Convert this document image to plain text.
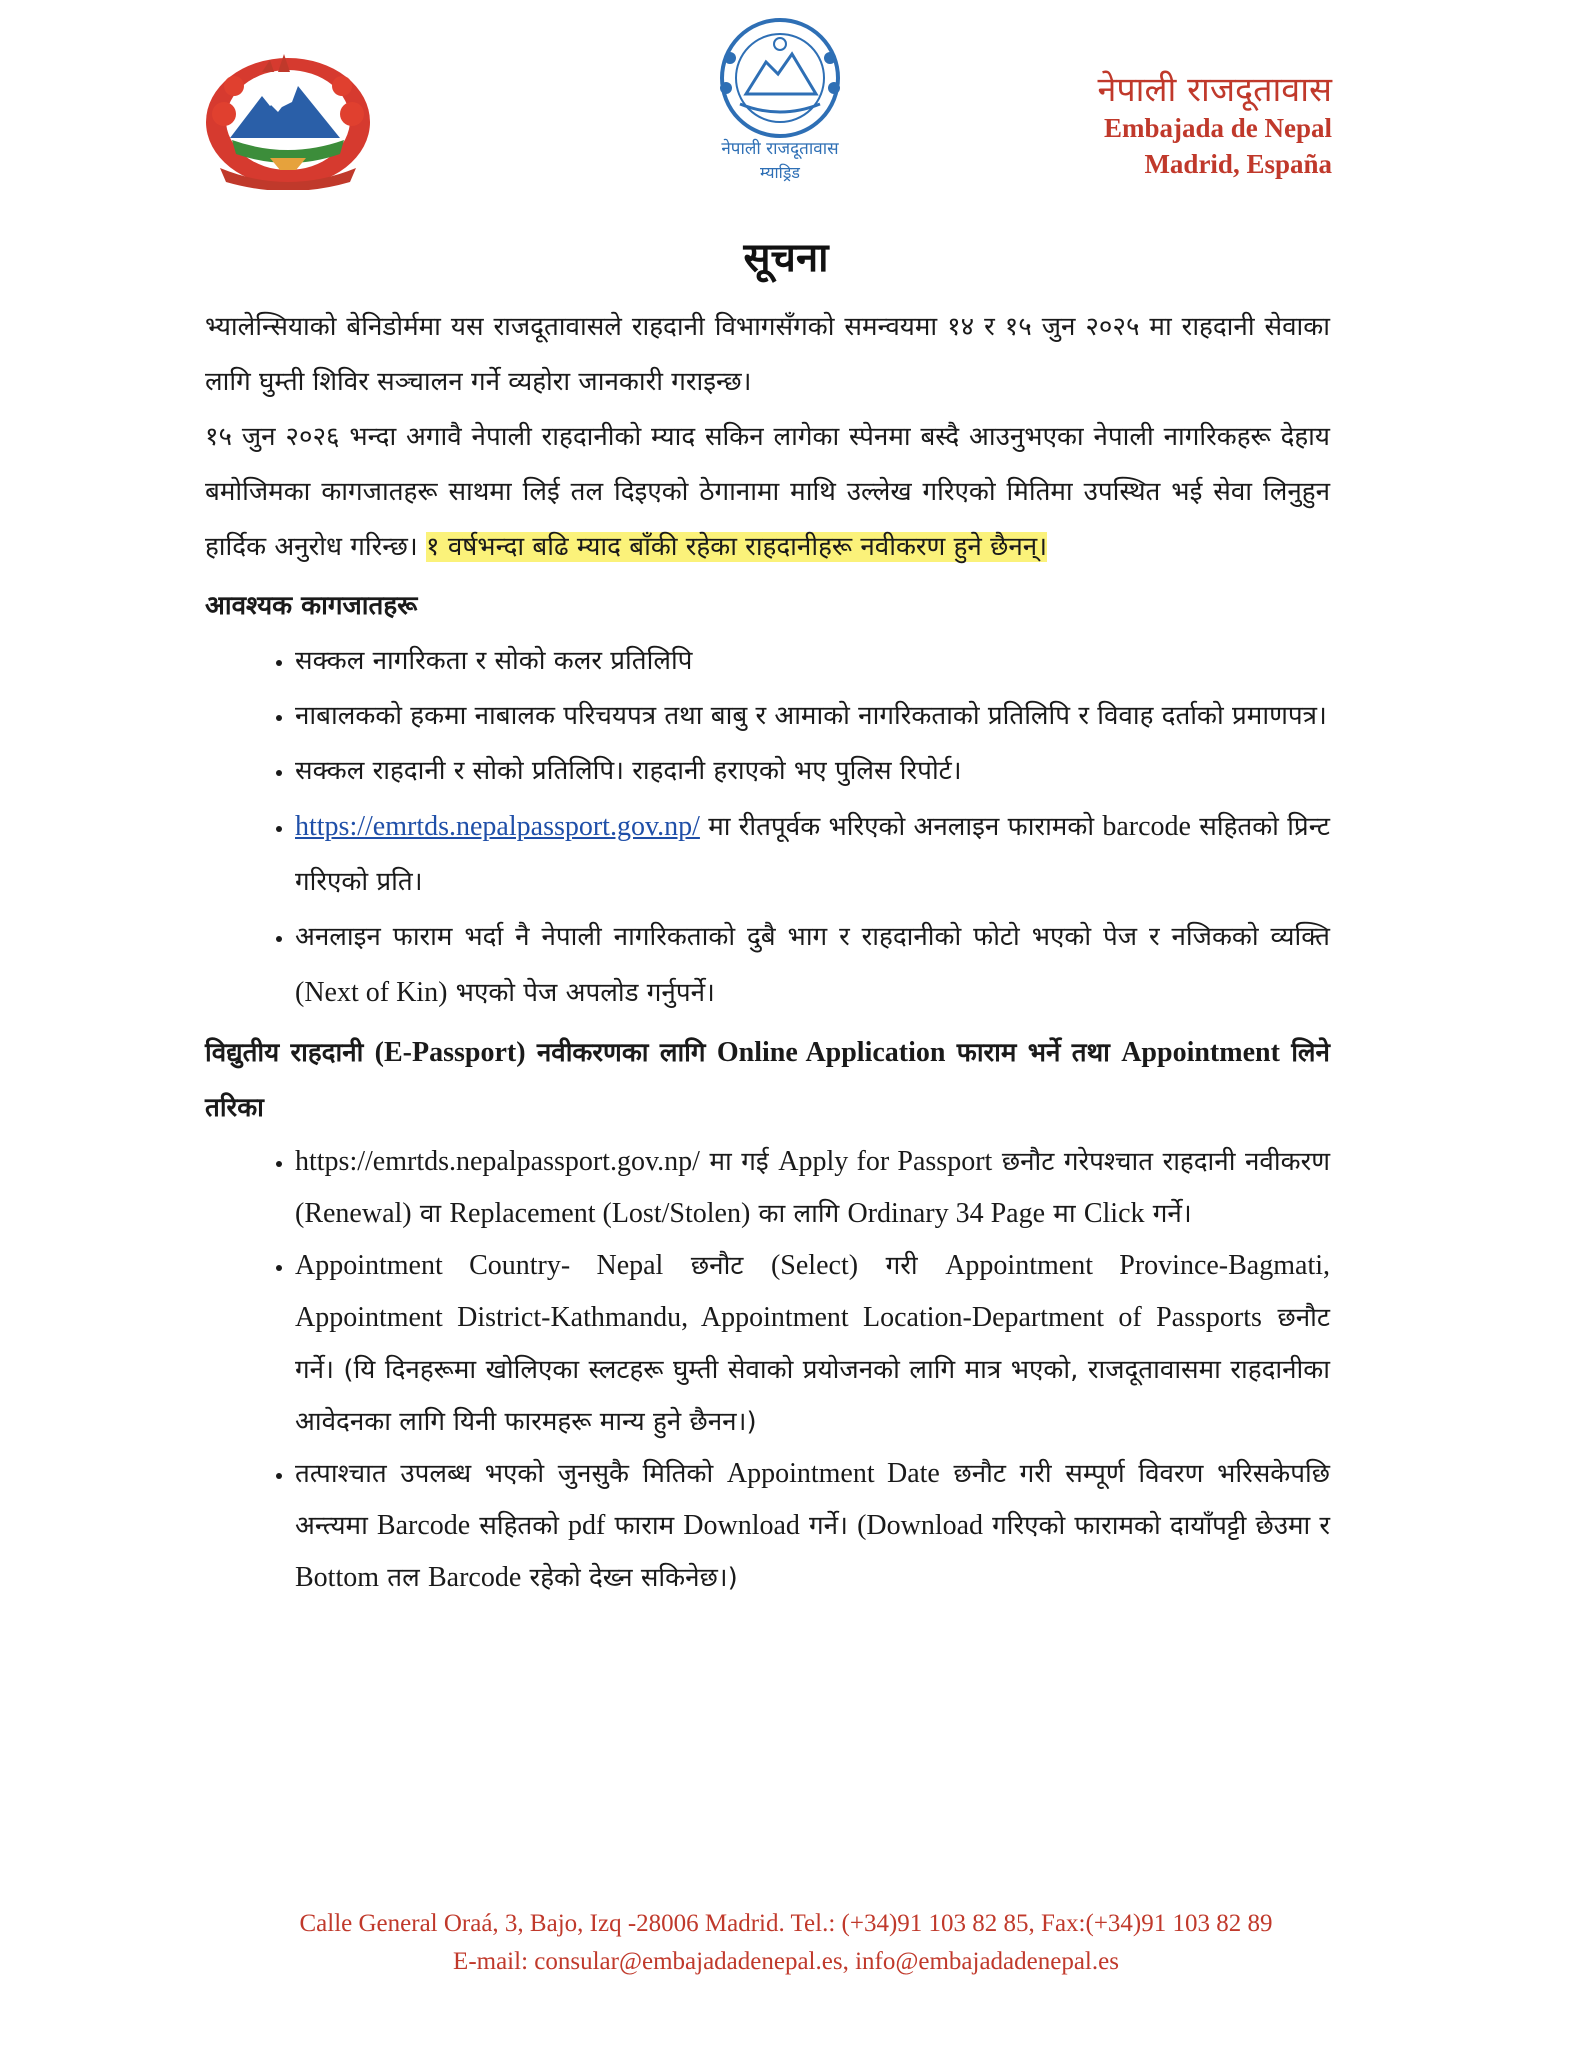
नेपाली राजदूतावास
म्याड्रिड
नेपाली राजदूतावास
Embajada de Nepal
Madrid, España
सूचना

भ्यालेन्सियाको बेनिडोर्ममा यस राजदूतावासले राहदानी विभागसँगको समन्वयमा १४ र १५ जुन २०२५ मा राहदानी सेवाका लागि घुम्ती शिविर सञ्चालन गर्ने व्यहोरा जानकारी गराइन्छ।

१५ जुन २०२६ भन्दा अगावै नेपाली राहदानीको म्याद सकिन लागेका स्पेनमा बस्दै आउनुभएका नेपाली नागरिकहरू देहाय बमोजिमका कागजातहरू साथमा लिई तल दिइएको ठेगानामा माथि उल्लेख गरिएको मितिमा उपस्थित भई सेवा लिनुहुन हार्दिक अनुरोध गरिन्छ। १ वर्षभन्दा बढि म्याद बाँकी रहेका राहदानीहरू नवीकरण हुने छैनन्।

आवश्यक कागजातहरू

• सक्कल नागरिकता र सोको कलर प्रतिलिपि
• नाबालकको हकमा नाबालक परिचयपत्र तथा बाबु र आमाको नागरिकताको प्रतिलिपि र विवाह दर्ताको प्रमाणपत्र।
• सक्कल राहदानी र सोको प्रतिलिपि। राहदानी हराएको भए पुलिस रिपोर्ट।
• https://emrtds.nepalpassport.gov.np/ मा रीतपूर्वक भरिएको अनलाइन फारामको barcode सहितको प्रिन्ट गरिएको प्रति।
• अनलाइन फाराम भर्दा नै नेपाली नागरिकताको दुबै भाग र राहदानीको फोटो भएको पेज र नजिकको व्यक्ति (Next of Kin) भएको पेज अपलोड गर्नुपर्ने।

विद्युतीय राहदानी (E-Passport) नवीकरणका लागि Online Application फाराम भर्ने तथा Appointment लिने तरिका

• https://emrtds.nepalpassport.gov.np/ मा गई Apply for Passport छनौट गरेपश्चात राहदानी नवीकरण (Renewal) वा Replacement (Lost/Stolen) का लागि Ordinary 34 Page मा Click गर्ने।
• Appointment Country- Nepal छनौट (Select) गरी Appointment Province-Bagmati, Appointment District-Kathmandu, Appointment Location-Department of Passports छनौट गर्ने। (यि दिनहरूमा खोलिएका स्लटहरू घुम्ती सेवाको प्रयोजनको लागि मात्र भएको, राजदूतावासमा राहदानीका आवेदनका लागि यिनी फारमहरू मान्य हुने छैनन।)
• तत्पाश्चात उपलब्ध भएको जुनसुकै मितिको Appointment Date छनौट गरी सम्पूर्ण विवरण भरिसकेपछि अन्त्यमा Barcode सहितको pdf फाराम Download गर्ने। (Download गरिएको फारामको दायाँपट्टी छेउमा र Bottom तल Barcode रहेको देख्न सकिनेछ।)
Calle General Oraá, 3, Bajo, Izq -28006 Madrid. Tel.: (+34)91 103 82 85, Fax:(+34)91 103 82 89
E-mail: consular@embajadadenepal.es, info@embajadadenepal.es
